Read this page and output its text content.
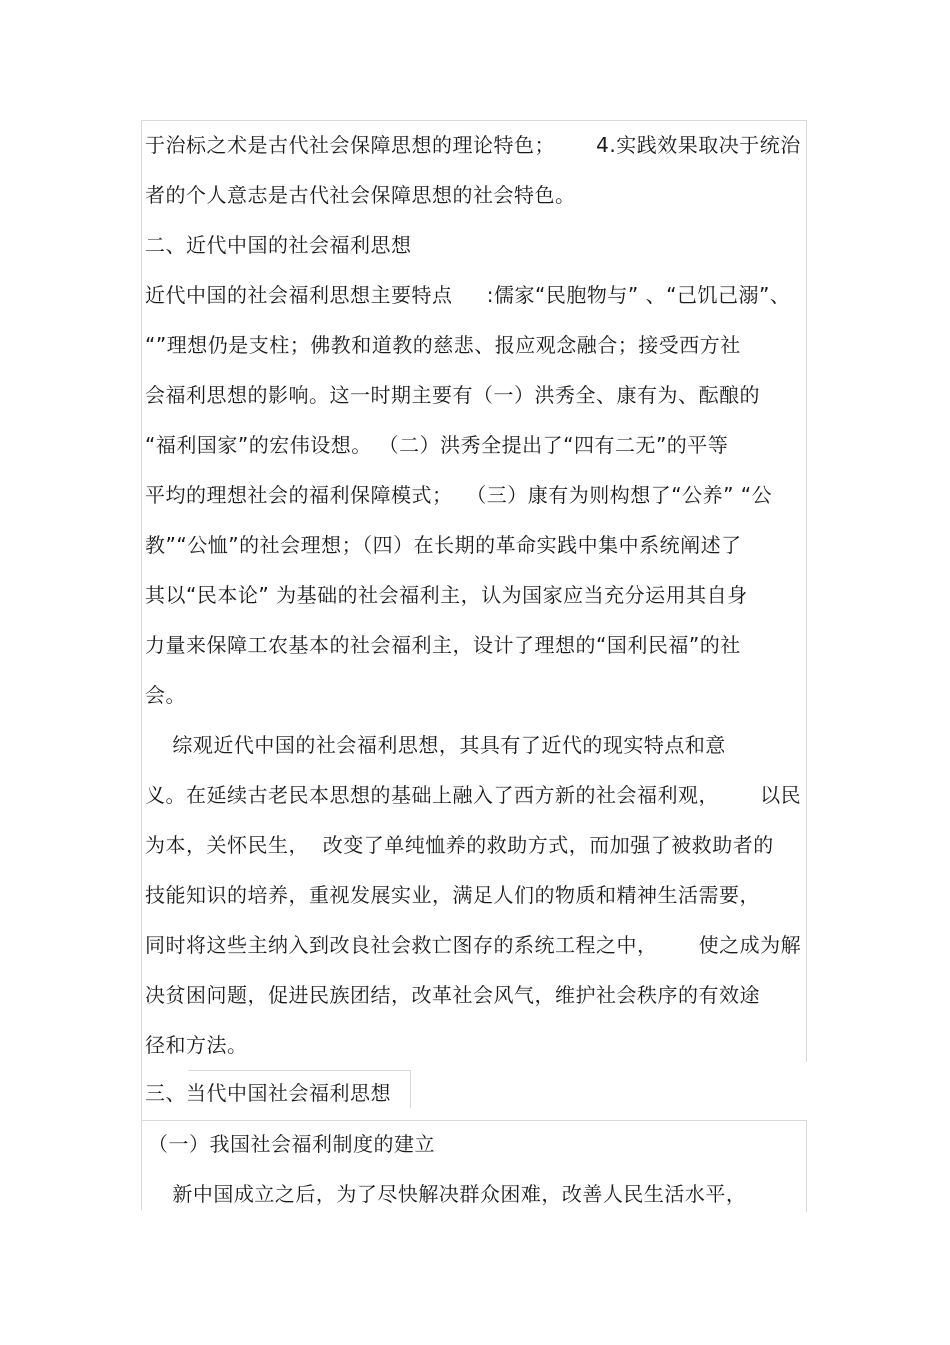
于治标之术是古代社会保障思想的理论特色；      4.实践效果取决于统治
者的个人意志是古代社会保障思想的社会特色。
二、近代中国的社会福利思想
近代中国的社会福利思想主要特点     :儒家“民胞物与” 、“己饥己溺”、
“”理想仍是支柱；佛教和道教的慈悲、报应观念融合；接受西方社
会福利思想的影响。这一时期主要有（一）洪秀全、康有为、酝酿的
“福利国家”的宏伟设想。 （二）洪秀全提出了“四有二无”的平等
平均的理想社会的福利保障模式；  （三）康有为则构想了“公养” “公
教”“公恤”的社会理想；（四）在长期的革命实践中集中系统阐述了
其以“民本论” 为基础的社会福利主，认为国家应当充分运用其自身
力量来保障工农基本的社会福利主，设计了理想的“国利民福”的社
会。
综观近代中国的社会福利思想，其具有了近代的现实特点和意
义。在延续古老民本思想的基础上融入了西方新的社会福利观，      以民
为本，关怀民生，  改变了单纯恤养的救助方式，而加强了被救助者的
技能知识的培养，重视发展实业，满足人们的物质和精神生活需要，
同时将这些主纳入到改良社会救亡图存的系统工程之中，      使之成为解
决贫困问题，促进民族团结，改革社会风气，维护社会秩序的有效途
径和方法。
三、当代中国社会福利思想
（一）我国社会福利制度的建立
新中国成立之后，为了尽快解决群众困难，改善人民生活水平，
